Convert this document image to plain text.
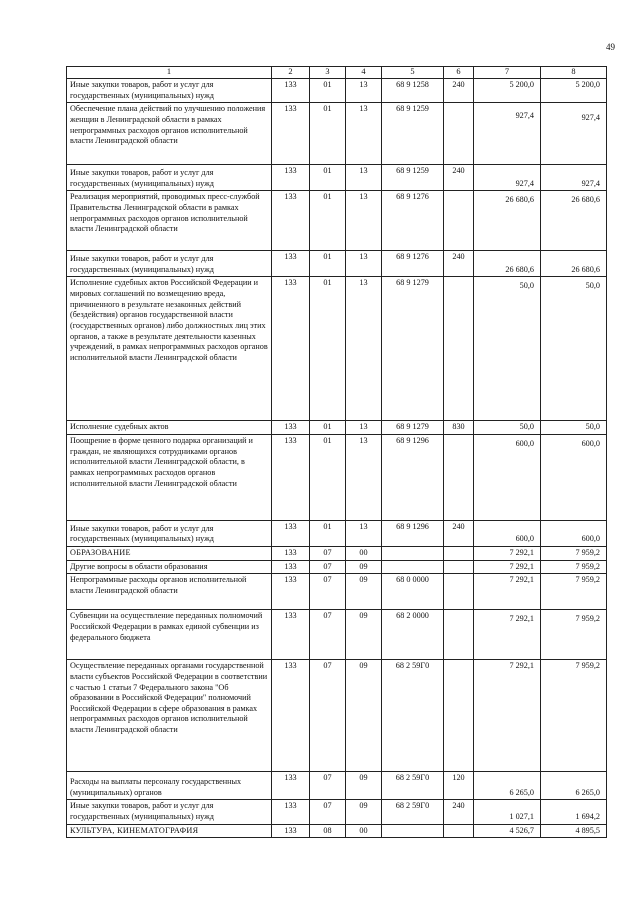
49
1	2	3	4	5	6	7	8
Иные закупки товаров, работ и услуг для государственных (муниципальных) нужд	133	01	13	68 9 1258	240	5 200,0	5 200,0
Обеспечение плана действий по улучшению положения женщин в Ленинградской области в рамках непрограммных расходов органов исполнительной власти Ленинградской области	133	01	13	68 9 1259		927,4	927,4
Иные закупки товаров, работ и услуг для государственных (муниципальных) нужд	133	01	13	68 9 1259	240	927,4	927,4
Реализация мероприятий, проводимых пресс-службой Правительства Ленинградской области в рамках непрограммных расходов органов исполнительной власти Ленинградской области	133	01	13	68 9 1276		26 680,6	26 680,6
Иные закупки товаров, работ и услуг для государственных (муниципальных) нужд	133	01	13	68 9 1276	240	26 680,6	26 680,6
Исполнение судебных актов Российской Федерации и мировых соглашений по возмещению вреда, причиненного в результате незаконных действий (бездействия) органов государственной власти (государственных органов) либо должностных лиц этих органов, а также в результате деятельности казенных учреждений, в рамках непрограммных расходов органов исполнительной власти Ленинградской области	133	01	13	68 9 1279		50,0	50,0
Исполнение судебных актов	133	01	13	68 9 1279	830	50,0	50,0
Поощрение в форме ценного подарка организаций и граждан, не являющихся сотрудниками органов исполнительной власти Ленинградской области, в рамках непрограммных расходов органов исполнительной власти Ленинградской области	133	01	13	68 9 1296		600,0	600,0
Иные закупки товаров, работ и услуг для государственных (муниципальных) нужд	133	01	13	68 9 1296	240	600,0	600,0
ОБРАЗОВАНИЕ	133	07	00			7 292,1	7 959,2
Другие вопросы в области образования	133	07	09			7 292,1	7 959,2
Непрограммные расходы органов исполнительной власти Ленинградской области	133	07	09	68 0 0000		7 292,1	7 959,2
Субвенции на осуществление переданных полномочий Российской Федерации в рамках единой субвенции из федерального бюджета	133	07	09	68 2 0000		7 292,1	7 959,2
Осуществление переданных органами государственной власти субъектов Российской Федерации в соответствии с частью 1 статьи 7 Федерального закона "Об образовании в Российской Федерации" полномочий Российской Федерации в сфере образования в рамках непрограммных расходов органов исполнительной власти Ленинградской области	133	07	09	68 2 59Г0		7 292,1	7 959,2
Расходы на выплаты персоналу государственных (муниципальных) органов	133	07	09	68 2 59Г0	120	6 265,0	6 265,0
Иные закупки товаров, работ и услуг для государственных (муниципальных) нужд	133	07	09	68 2 59Г0	240	1 027,1	1 694,2
КУЛЬТУРА, КИНЕМАТОГРАФИЯ	133	08	00			4 526,7	4 895,5
